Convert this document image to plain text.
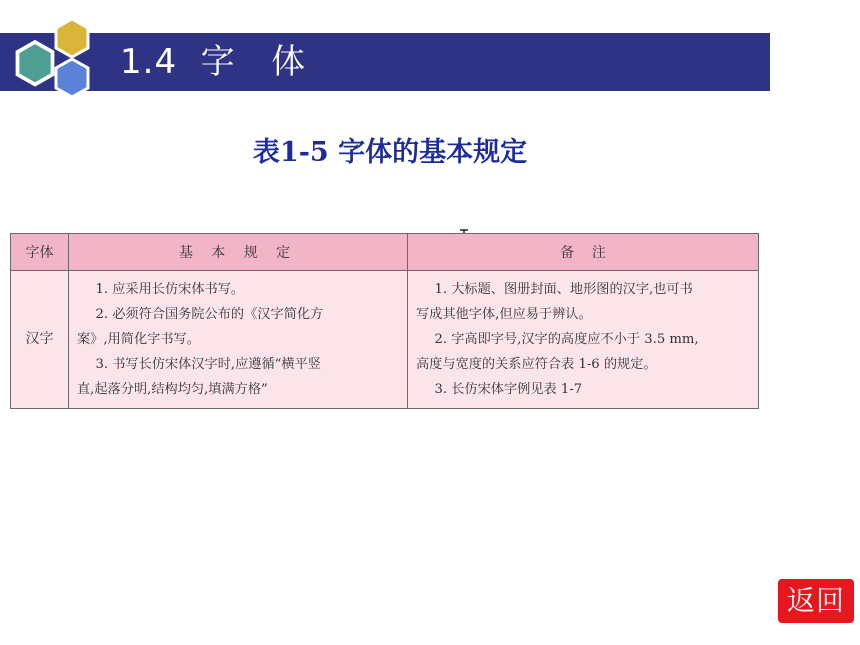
1.4  字   体
表1-5 字体的基本规定
字体	基 本 规 定	备    注
汉字	1. 应采用长仿宋体书写。
2. 必须符合国务院公布的《汉字简化方
案》,用简化字书写。
3. 书写长仿宋体汉字时,应遵循“横平竖
直,起落分明,结构均匀,填满方格”	1. 大标题、图册封面、地形图的汉字,也可书
写成其他字体,但应易于辨认。
2. 字高即字号,汉字的高度应不小于 3.5 mm,
高度与宽度的关系应符合表 1-6 的规定。
3. 长仿宋体字例见表 1-7
返回
